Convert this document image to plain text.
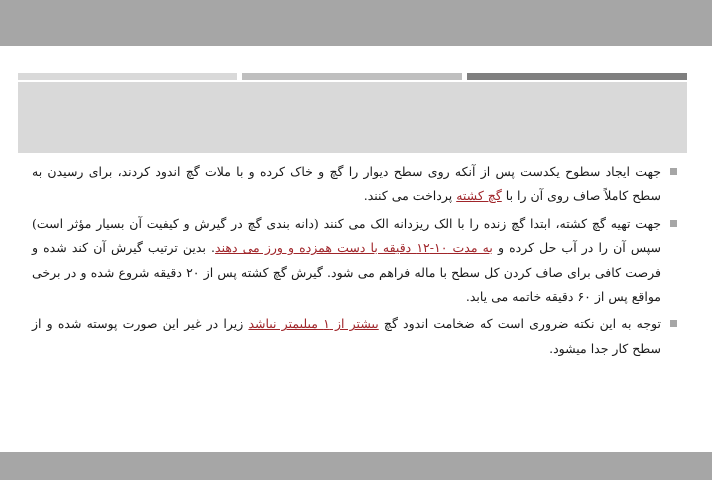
جهت ایجاد سطوح یکدست پس از آنکه روی سطح دیوار را گچ و خاک کرده و با ملات گچ اندود کردند، برای رسیدن به سطح کاملاً صاف روی آن را با گچ کشته پرداخت می کنند.

جهت تهیه گچ کشته، ابتدا گچ زنده را با الک ریزدانه الک می کنند (دانه بندی گچ در گیرش و کیفیت آن بسیار مؤثر است) سپس آن را در آب حل کرده و به مدت ۱۰-۱۲ دقیقه با دست همزده و ورز می دهند. بدین ترتیب گیرش آن کند شده و فرصت کافی برای صاف کردن کل سطح با ماله فراهم می شود. گیرش گچ کشته پس از ۲۰ دقیقه شروع شده و در برخی مواقع پس از ۶۰ دقیقه خاتمه می یابد.

توجه به این نکته ضروری است که ضخامت اندود گچ بیشتر از ۱ میلیمتر نباشد زیرا در غیر این صورت پوسته شده و از سطح کار جدا میشود.
